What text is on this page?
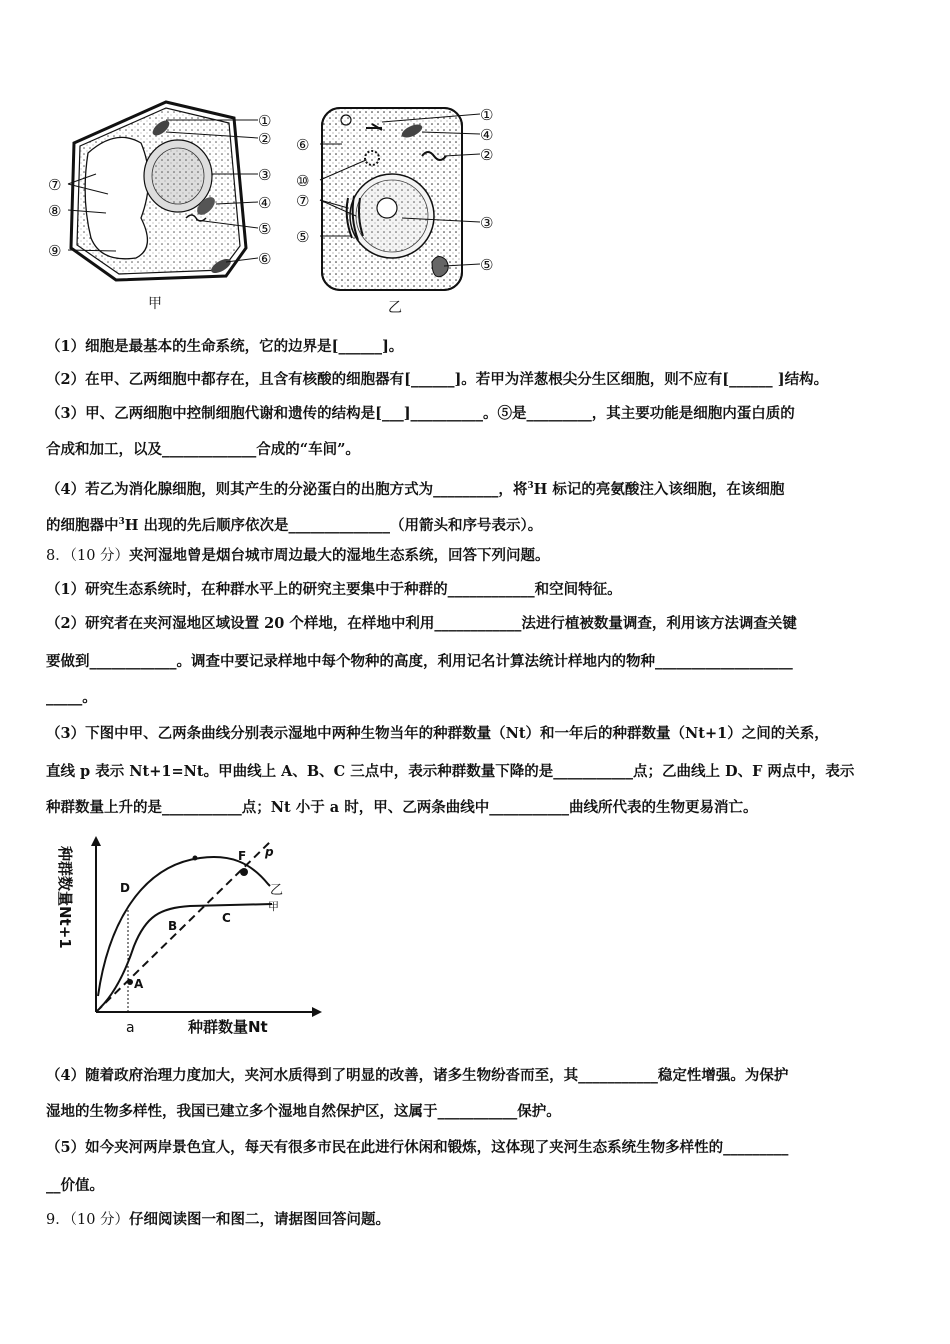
①
②
③
④
⑤
⑥
⑦
⑧
⑨
甲
①
④
②
⑥
⑩
⑦
③
⑤
⑤
乙
（1）细胞是最基本的生命系统，它的边界是[______]。
（2）在甲、乙两细胞中都存在，且含有核酸的细胞器有[______]。若甲为洋葱根尖分生区细胞，则不应有[______ ]结构。
（3）甲、乙两细胞中控制细胞代谢和遗传的结构是[___]__________。⑤是_________，其主要功能是细胞内蛋白质的
合成和加工，以及_____________合成的“车间”。
（4）若乙为消化腺细胞，则其产生的分泌蛋白的出胞方式为_________，将$^3$H 标记的亮氨酸注入该细胞，在该细胞
的细胞器中$^3$H 出现的先后顺序依次是______________（用箭头和序号表示）。
8．（10 分）夹河湿地曾是烟台城市周边最大的湿地生态系统，回答下列问题。
（1）研究生态系统时，在种群水平上的研究主要集中于种群的____________和空间特征。
（2）研究者在夹河湿地区域设置 20 个样地，在样地中利用____________法进行植被数量调查，利用该方法调查关键
要做到____________。调查中要记录样地中每个物种的高度，利用记名计算法统计样地内的物种___________________
_____。
（3）下图中甲、乙两条曲线分别表示湿地中两种生物当年的种群数量（Nt）和一年后的种群数量（Nt+1）之间的关系，
直线 p 表示 Nt+1=Nt。甲曲线上 A、B、C 三点中，表示种群数量下降的是___________点；乙曲线上 D、F 两点中，表示
种群数量上升的是___________点；Nt 小于 a 时，甲、乙两条曲线中___________曲线所代表的生物更易消亡。
A
B
C
D
F p
乙
甲
a	种群数量Nt
种群数量Nt+1
（4）随着政府治理力度加大，夹河水质得到了明显的改善，诸多生物纷沓而至，其___________稳定性增强。为保护
湿地的生物多样性，我国已建立多个湿地自然保护区，这属于___________保护。
（5）如今夹河两岸景色宜人，每天有很多市民在此进行休闲和锻炼，这体现了夹河生态系统生物多样性的_________
__价值。
9．（10 分）仔细阅读图一和图二，请据图回答问题。
